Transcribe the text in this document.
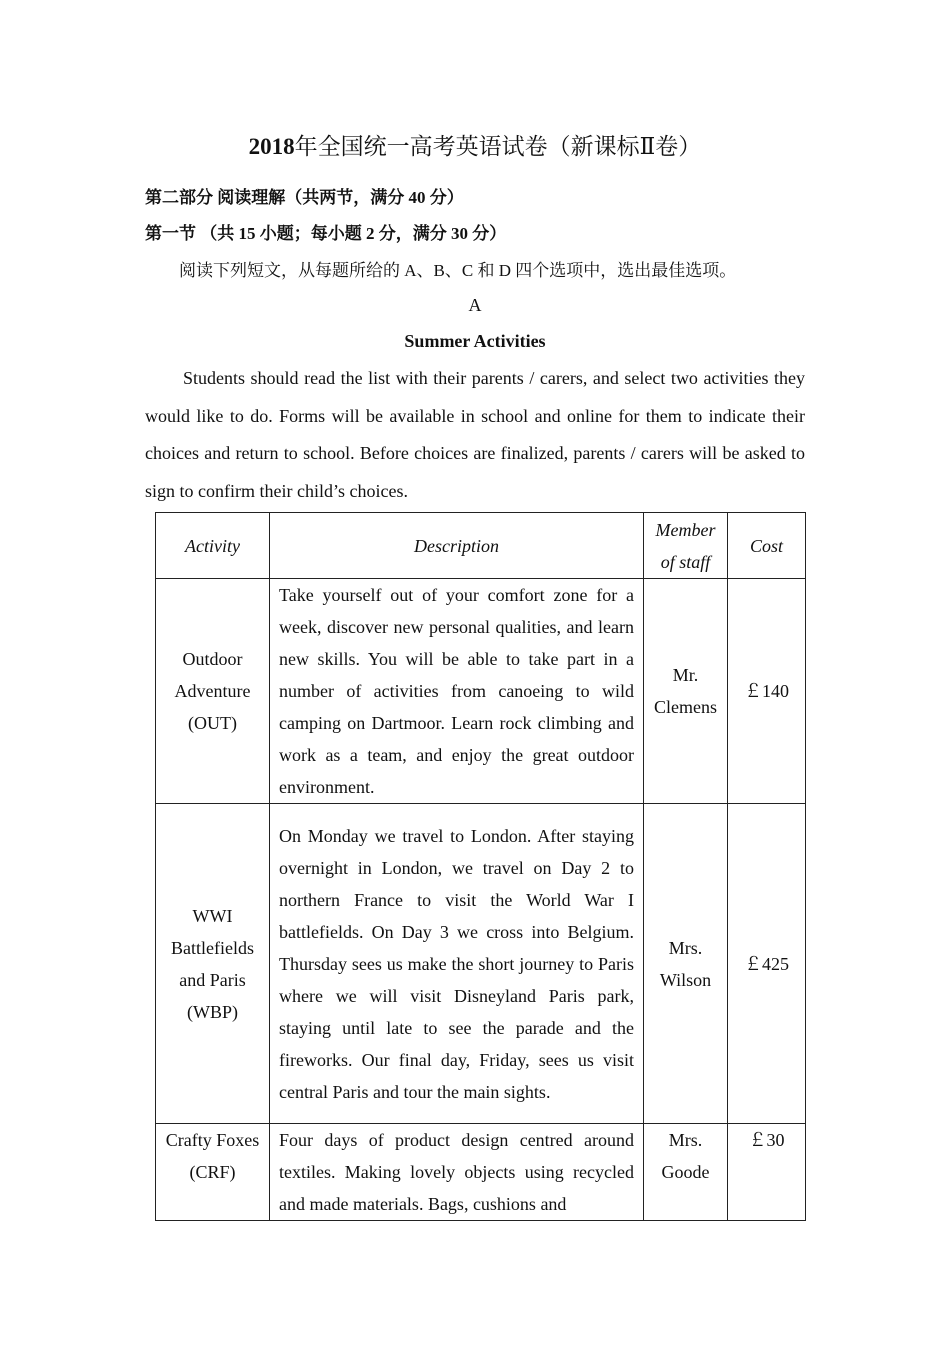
2018年全国统一高考英语试卷（新课标Ⅱ卷）
第二部分 阅读理解（共两节，满分 40 分）
第一节 （共 15 小题；每小题 2 分，满分 30 分）
阅读下列短文，从每题所给的 A、B、C 和 D 四个选项中，选出最佳选项。
A
Summer Activities

Students should read the list with their parents / carers, and select two activities they would like to do. Forms will be available in school and online for them to indicate their choices and return to school. Before choices are finalized, parents / carers will be asked to sign to confirm their child’s choices.

Activity	Description	Member of staff	Cost
Outdoor Adventure (OUT)	Take yourself out of your comfort zone for a week, discover new personal qualities, and learn new skills. You will be able to take part in a number of activities from canoeing to wild camping on Dartmoor. Learn rock climbing and work as a team, and enjoy the great outdoor environment.	Mr. Clemens	￡140
WWI Battlefields and Paris (WBP)	On Monday we travel to London. After staying overnight in London, we travel on Day 2 to northern France to visit the World War I battlefields. On Day 3 we cross into Belgium. Thursday sees us make the short journey to Paris where we will visit Disneyland Paris park, staying until late to see the parade and the fireworks. Our final day, Friday, sees us visit central Paris and tour the main sights.	Mrs. Wilson	￡425
Crafty Foxes (CRF)	Four days of product design centred around textiles. Making lovely objects using recycled and made materials. Bags, cushions and	Mrs. Goode	￡30
